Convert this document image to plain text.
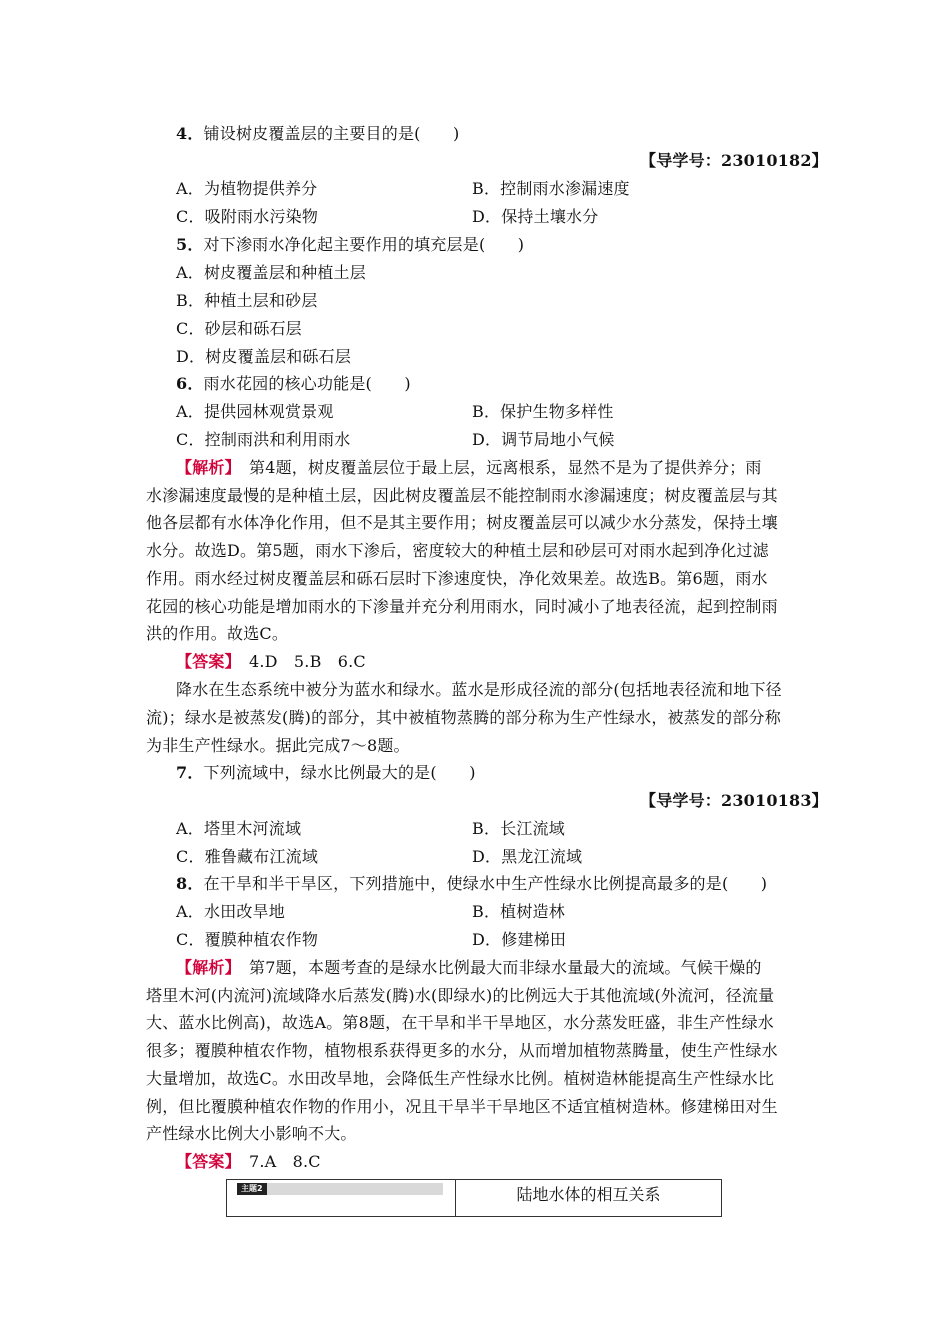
4．铺设树皮覆盖层的主要目的是(　　)
【导学号：23010182】
A．为植物提供养分	B．控制雨水渗漏速度
C．吸附雨水污染物	D．保持土壤水分
5．对下渗雨水净化起主要作用的填充层是(　　)
A．树皮覆盖层和种植土层
B．种植土层和砂层
C．砂层和砾石层
D．树皮覆盖层和砾石层
6．雨水花园的核心功能是(　　)
A．提供园林观赏景观	B．保护生物多样性
C．控制雨洪和利用雨水	D．调节局地小气候
【解析】　第4题，树皮覆盖层位于最上层，远离根系，显然不是为了提供养分；雨
水渗漏速度最慢的是种植土层，因此树皮覆盖层不能控制雨水渗漏速度；树皮覆盖层与其
他各层都有水体净化作用，但不是其主要作用；树皮覆盖层可以减少水分蒸发，保持土壤
水分。故选D。第5题，雨水下渗后，密度较大的种植土层和砂层可对雨水起到净化过滤
作用。雨水经过树皮覆盖层和砾石层时下渗速度快，净化效果差。故选B。第6题，雨水
花园的核心功能是增加雨水的下渗量并充分利用雨水，同时减小了地表径流，起到控制雨
洪的作用。故选C。
【答案】　4.D　5.B　6.C
降水在生态系统中被分为蓝水和绿水。蓝水是形成径流的部分(包括地表径流和地下径
流)；绿水是被蒸发(腾)的部分，其中被植物蒸腾的部分称为生产性绿水，被蒸发的部分称
为非生产性绿水。据此完成7～8题。
7．下列流域中，绿水比例最大的是(　　)
【导学号：23010183】
A．塔里木河流域	B．长江流域
C．雅鲁藏布江流域	D．黑龙江流域
8．在干旱和半干旱区，下列措施中，使绿水中生产性绿水比例提高最多的是(　　)
A．水田改旱地	B．植树造林
C．覆膜种植农作物	D．修建梯田
【解析】　第7题，本题考查的是绿水比例最大而非绿水量最大的流域。气候干燥的
塔里木河(内流河)流域降水后蒸发(腾)水(即绿水)的比例远大于其他流域(外流河，径流量
大、蓝水比例高)，故选A。第8题，在干旱和半干旱地区，水分蒸发旺盛，非生产性绿水
很多；覆膜种植农作物，植物根系获得更多的水分，从而增加植物蒸腾量，使生产性绿水
大量增加，故选C。水田改旱地，会降低生产性绿水比例。植树造林能提高生产性绿水比
例，但比覆膜种植农作物的作用小，况且干旱半干旱地区不适宜植树造林。修建梯田对生
产性绿水比例大小影响不大。
【答案】　7.A　8.C
主题2	陆地水体的相互关系
